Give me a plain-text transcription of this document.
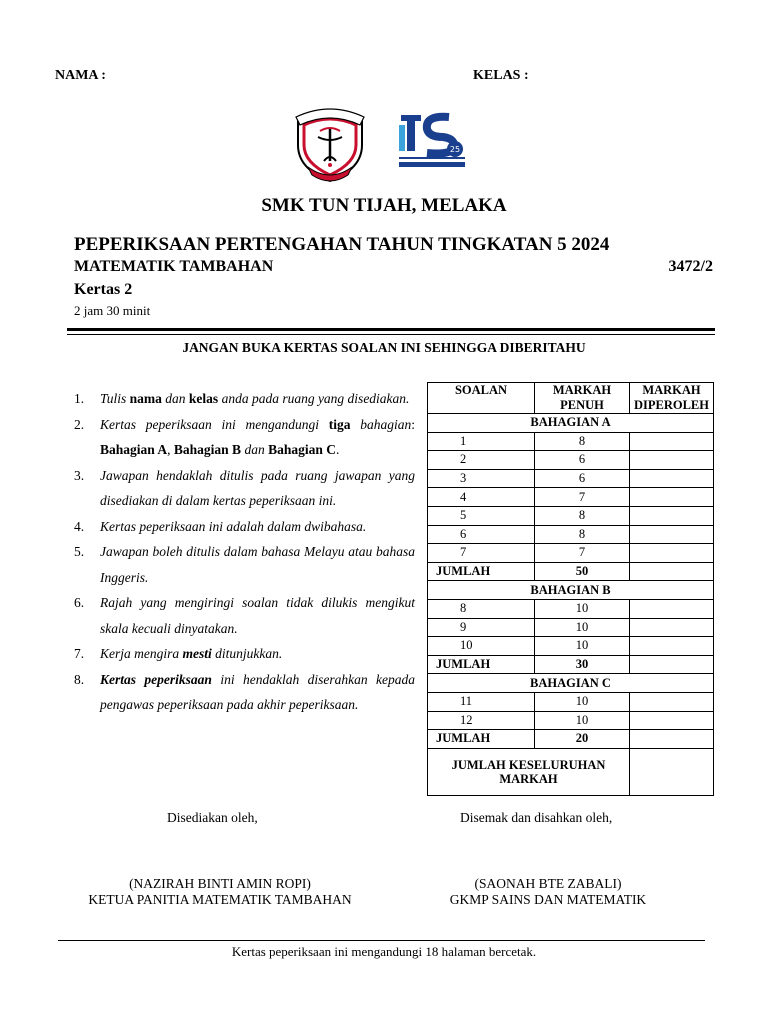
NAMA :	KELAS :
25
SMK TUN TIJAH, MELAKA
PEPERIKSAAN PERTENGAHAN TAHUN TINGKATAN 5 2024
MATEMATIK TAMBAHAN	3472/2
Kertas 2
2 jam 30 minit
JANGAN BUKA KERTAS SOALAN INI SEHINGGA DIBERITAHU
1.	Tulis nama dan kelas anda pada ruang yang disediakan.
2.	Kertas peperiksaan ini mengandungi tiga bahagian: Bahagian A, Bahagian B dan Bahagian C.
3.	Jawapan hendaklah ditulis pada ruang jawapan yang disediakan di dalam kertas peperiksaan ini.
4.	Kertas peperiksaan ini adalah dalam dwibahasa.
5.	Jawapan boleh ditulis dalam bahasa Melayu atau bahasa Inggeris.
6.	Rajah yang mengiringi soalan tidak dilukis mengikut skala kecuali dinyatakan.
7.	Kerja mengira mesti ditunjukkan.
8.	Kertas peperiksaan ini hendaklah diserahkan kepada pengawas peperiksaan pada akhir peperiksaan.
SOALAN	MARKAH PENUH	MARKAH DIPEROLEH
BAHAGIAN A		
1	8	
2	6	
3	6	
4	7	
5	8	
6	8	
7	7	
JUMLAH	50	
BAHAGIAN B		
8	10	
9	10	
10	10	
JUMLAH	30	
BAHAGIAN C		
11	10	
12	10	
JUMLAH	20	
JUMLAH KESELURUHAN MARKAH		
Disediakan oleh,	Disemak dan disahkan oleh,
(NAZIRAH BINTI AMIN ROPI)
KETUA PANITIA MATEMATIK TAMBAHAN
(SAONAH BTE ZABALI)
GKMP SAINS DAN MATEMATIK
Kertas peperiksaan ini mengandungi 18 halaman bercetak.
